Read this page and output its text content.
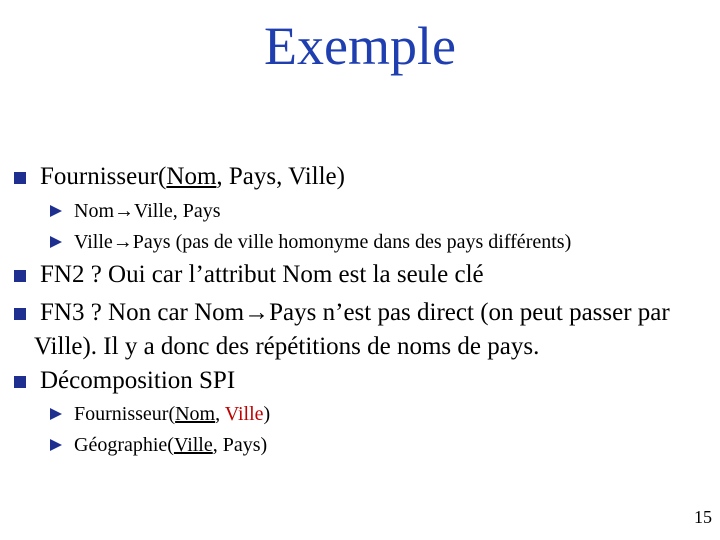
Exemple
Fournisseur(Nom, Pays, Ville)
Nom→Ville, Pays
Ville→Pays (pas de ville homonyme dans des pays différents)
FN2 ? Oui car l’attribut Nom est la seule clé
FN3 ? Non car Nom→Pays n’est pas direct (on peut passer par Ville). Il y a donc des répétitions de noms de pays.
Décomposition SPI
Fournisseur(Nom, Ville)
Géographie(Ville, Pays)
15
